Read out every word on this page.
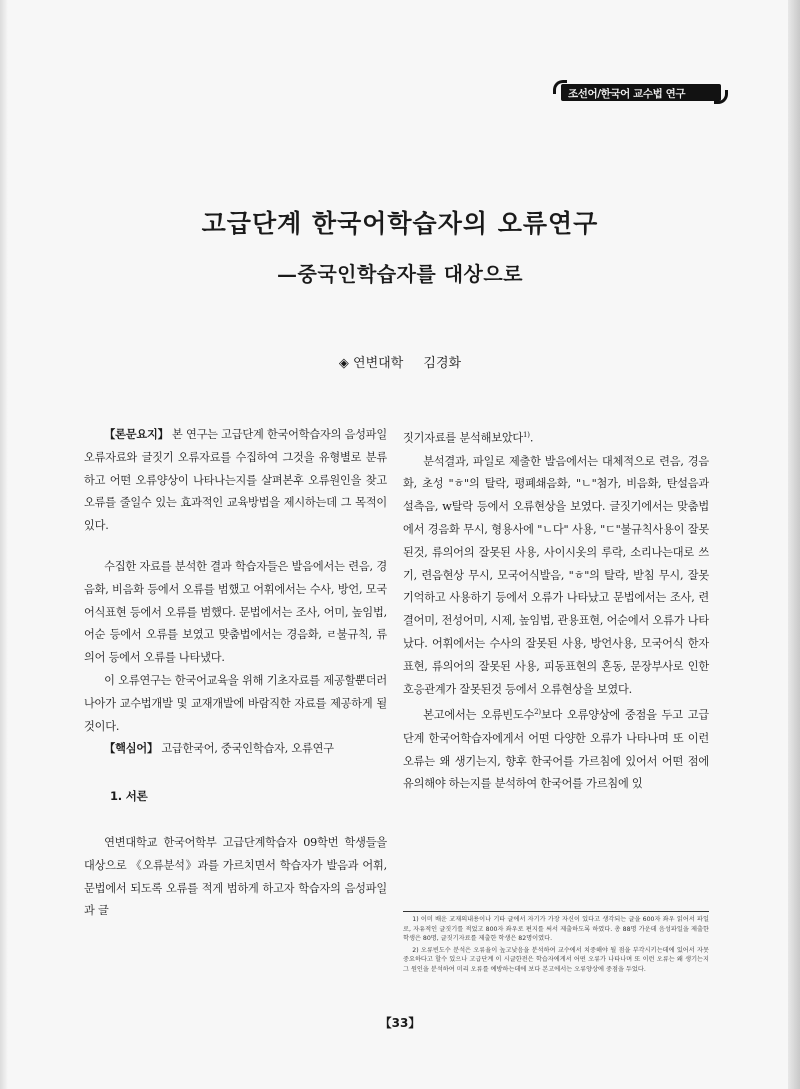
조선어/한국어 교수법 연구
고급단계 한국어학습자의 오류연구
—중국인학습자를 대상으로
◈ 연변대학 김경화

【론문요지】 본 연구는 고급단계 한국어학습자의 음성파일 오류자료와 글짓기 오류자료를 수집하여 그것을 유형별로 분류하고 어떤 오류양상이 나타나는지를 살펴본후 오류원인을 찾고 오류를 줄일수 있는 효과적인 교육방법을 제시하는데 그 목적이 있다.

수집한 자료를 분석한 결과 학습자들은 발음에서는 련음, 경음화, 비음화 등에서 오류를 범했고 어휘에서는 수사, 방언, 모국어식표현 등에서 오류를 범했다. 문법에서는 조사, 어미, 높임법, 어순 등에서 오류를 보였고 맞춤법에서는 경음화, ㄹ불규칙, 류의어 등에서 오류를 나타냈다.

이 오류연구는 한국어교육을 위해 기초자료를 제공할뿐더러 나아가 교수법개발 및 교재개발에 바람직한 자료를 제공하게 될것이다.

【핵심어】 고급한국어, 중국인학습자, 오류연구

1. 서론

연변대학교 한국어학부 고급단계학습자 09학번 학생들을 대상으로 《오류분석》과를 가르치면서 학습자가 발음과 어휘, 문법에서 되도록 오류를 적게 범하게 하고자 학습자의 음성파일과 글

짓기자료를 분석해보았다$^{1)}$.

분석결과, 파일로 제출한 발음에서는 대체적으로 련음, 경음화, 초성 "ㅎ"의 탈락, 평폐쇄음화, "ㄴ"첨가, 비음화, 탄설음과 설측음, w탈락 등에서 오류현상을 보였다. 글짓기에서는 맞춤법에서 경음화 무시, 형용사에 "ㄴ다" 사용, "ㄷ"불규칙사용이 잘못된것, 류의어의 잘못된 사용, 사이시옷의 루락, 소리나는대로 쓰기, 련음현상 무시, 모국어식발음, "ㅎ"의 탈락, 받침 무시, 잘못 기억하고 사용하기 등에서 오류가 나타났고 문법에서는 조사, 련결어미, 전성어미, 시제, 높임법, 관용표현, 어순에서 오류가 나타났다. 어휘에서는 수사의 잘못된 사용, 방언사용, 모국어식 한자표현, 류의어의 잘못된 사용, 피동표현의 혼동, 문장부사로 인한 호응관계가 잘못된것 등에서 오류현상을 보였다.

본고에서는 오류빈도수$^{2)}$보다 오류양상에 중점을 두고 고급단계 한국어학습자에게서 어떤 다양한 오류가 나타나며 또 이런 오류는 왜 생기는지, 향후 한국어를 가르침에 있어서 어떤 점에 유의해야 하는지를 분석하여 한국어를 가르침에 있

1) 이미 배운 교재의내용이나 기타 글에서 자기가 가장 자신이 있다고 생각되는 글을 600자 좌우 읽어서 파일로, 자유적인 글짓기를 적었고 800자 좌우로 편지를 써서 제출하도록 하였다. 총 88명 가운데 음성파일을 제출한 학생은 80명, 글짓기자료를 제출한 학생은 82명이였다.

2) 오류빈도수 분석은 오류율이 높고낮음을 분석하여 교수에서 치중해야 될 점을 부각시키는데에 있어서 자못 중요하다고 할수 있으나 고급단계 이 시글한전은 학습자에게서 어떤 오류가 나타나며 또 이런 오류는 왜 생기는지 그 원인을 분석하여 미리 오류를 예방하는데에 보다 본고에서는 오류양상에 중점을 두었다.

【33】
